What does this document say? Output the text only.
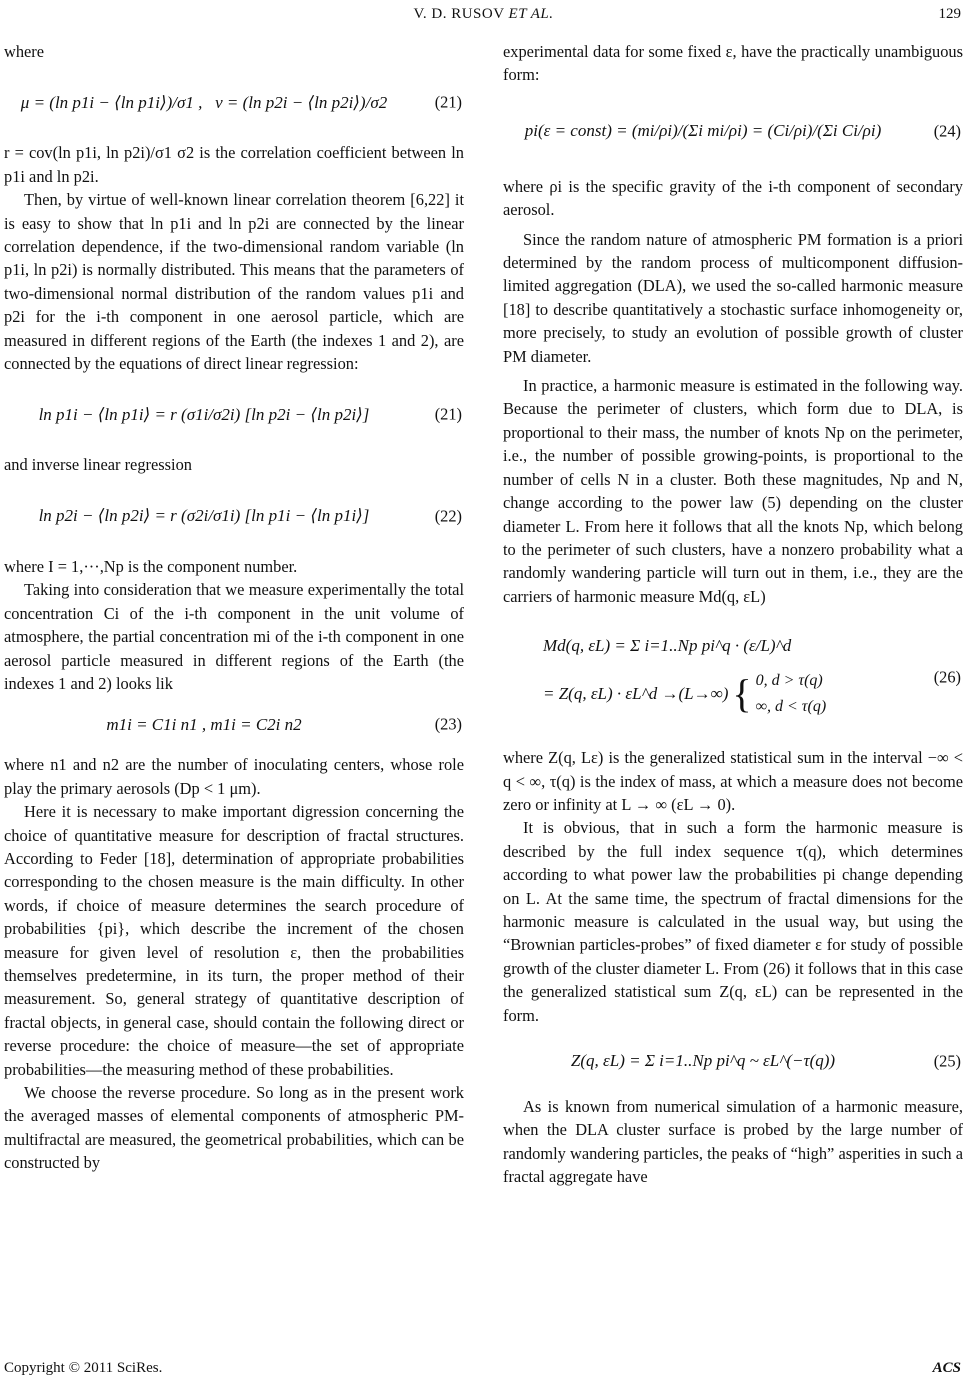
V. D. RUSOV ET AL.	129

where

μ = (ln p1i − ⟨ln p1i⟩)/σ1 ,
ν = (ln p2i − ⟨ln p2i⟩)/σ2	(21)

r = cov(ln p1i, ln p2i)/σ1 σ2 is the correlation coefficient between ln p1i and ln p2i.

Then, by virtue of well-known linear correlation theorem [6,22] it is easy to show that ln p1i and ln p2i are connected by the linear correlation dependence, if the two-dimensional random variable (ln p1i, ln p2i) is normally distributed. This means that the parameters of two-dimensional normal distribution of the random values p1i and p2i for the i-th component in one aerosol particle, which are measured in different regions of the Earth (the indexes 1 and 2), are connected by the equations of direct linear regression:

ln p1i − ⟨ln p1i⟩ = r (σ1i/σ2i) [ln p2i − ⟨ln p2i⟩]	(21)

and inverse linear regression

ln p2i − ⟨ln p2i⟩ = r (σ2i/σ1i) [ln p1i − ⟨ln p1i⟩]	(22)

where I = 1,···,Np is the component number.

Taking into consideration that we measure experimentally the total concentration Ci of the i-th component in the unit volume of atmosphere, the partial concentration mi of the i-th component in one aerosol particle measured in different regions of the Earth (the indexes 1 and 2) looks lik

m1i = C1i n1 , m1i = C2i n2	(23)

where n1 and n2 are the number of inoculating centers, whose role play the primary aerosols (Dp < 1 μm).

Here it is necessary to make important digression concerning the choice of quantitative measure for description of fractal structures. According to Feder [18], determination of appropriate probabilities corresponding to the chosen measure is the main difficulty. In other words, if choice of measure determines the search procedure of probabilities {pi}, which describe the increment of the chosen measure for given level of resolution ε, then the probabilities themselves predetermine, in its turn, the proper method of their measurement. So, general strategy of quantitative description of fractal objects, in general case, should contain the following direct or reverse procedure: the choice of measure—the set of appropriate probabilities—the measuring method of these probabilities.

We choose the reverse procedure. So long as in the present work the averaged masses of elemental components of atmospheric PM-multifractal are measured, the geometrical probabilities, which can be constructed by

experimental data for some fixed ε, have the practically unambiguous form:

pi(ε = const) = (mi/ρi)/(Σi mi/ρi) = (Ci/ρi)/(Σi Ci/ρi)	(24)

where ρi is the specific gravity of the i-th component of secondary aerosol.

Since the random nature of atmospheric PM formation is a priori determined by the random process of multicomponent diffusion-limited aggregation (DLA), we used the so-called harmonic measure [18] to describe quantitatively a stochastic surface inhomogeneity or, more precisely, to study an evolution of possible growth of cluster PM diameter.

In practice, a harmonic measure is estimated in the following way. Because the perimeter of clusters, which form due to DLA, is proportional to their mass, the number of knots Np on the perimeter, i.e., the number of possible growing-points, is proportional to the number of cells N in a cluster. Both these magnitudes, Np and N, change according to the power law (5) depending on the cluster diameter L. From here it follows that all the knots Np, which belong to the perimeter of such clusters, have a nonzero probability what a randomly wandering particle will turn out in them, i.e., they are the carriers of harmonic measure Md(q, εL)

Md(q, εL) = Σ i=1..Np pi^q · (ε/L)^d
= Z(q, εL) · εL^d →(L→∞) { 0, d > τ(q)
∞, d < τ(q)
(26)

where Z(q, Lε) is the generalized statistical sum in the interval −∞ < q < ∞, τ(q) is the index of mass, at which a measure does not become zero or infinity at L → ∞ (εL → 0).

It is obvious, that in such a form the harmonic measure is described by the full index sequence τ(q), which determines according to what power law the probabilities pi change depending on L. At the same time, the spectrum of fractal dimensions for the harmonic measure is calculated in the usual way, but using the “Brownian particles-probes” of fixed diameter ε for study of possible growth of the cluster diameter L. From (26) it follows that in this case the generalized statistical sum Z(q, εL) can be represented in the form.

Z(q, εL) = Σ i=1..Np pi^q ~ εL^(−τ(q))	(25)

As is known from numerical simulation of a harmonic measure, when the DLA cluster surface is probed by the large number of randomly wandering particles, the peaks of “high” asperities in such a fractal aggregate have

Copyright © 2011 SciRes.	ACS
